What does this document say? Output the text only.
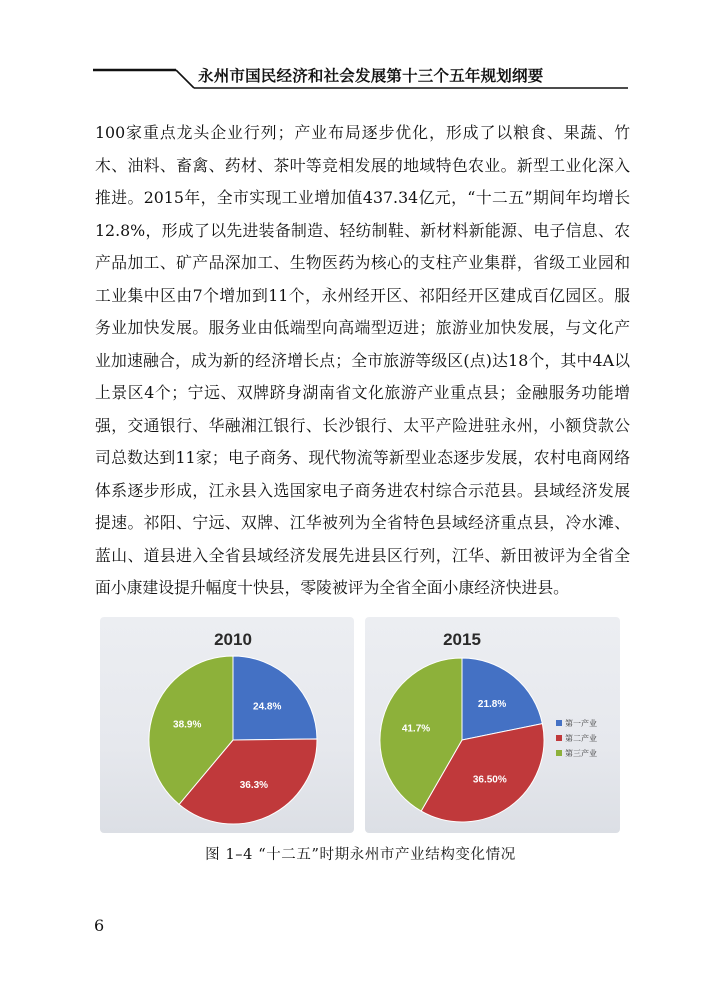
永州市国民经济和社会发展第十三个五年规划纲要

100家重点龙头企业行列；产业布局逐步优化，形成了以粮食、果蔬、竹木、油料、畜禽、药材、茶叶等竞相发展的地域特色农业。新型工业化深入推进。2015年，全市实现工业增加值437.34亿元，“十二五”期间年均增长12.8%，形成了以先进装备制造、轻纺制鞋、新材料新能源、电子信息、农产品加工、矿产品深加工、生物医药为核心的支柱产业集群，省级工业园和工业集中区由7个增加到11个，永州经开区、祁阳经开区建成百亿园区。服务业加快发展。服务业由低端型向高端型迈进；旅游业加快发展，与文化产业加速融合，成为新的经济增长点；全市旅游等级区(点)达18个，其中4A以上景区4个；宁远、双牌跻身湖南省文化旅游产业重点县；金融服务功能增强，交通银行、华融湘江银行、长沙银行、太平产险进驻永州，小额贷款公司总数达到11家；电子商务、现代物流等新型业态逐步发展，农村电商网络体系逐步形成，江永县入选国家电子商务进农村综合示范县。县域经济发展提速。祁阳、宁远、双牌、江华被列为全省特色县域经济重点县，冷水滩、蓝山、道县进入全省县域经济发展先进县区行列，江华、新田被评为全省全面小康建设提升幅度十快县，零陵被评为全省全面小康经济快进县。

2010
24.8%
36.3%
38.9%
2015
21.8%
36.50%
41.7%
第一产业
第二产业
第三产业
图 1–4 “十二五”时期永州市产业结构变化情况
6
